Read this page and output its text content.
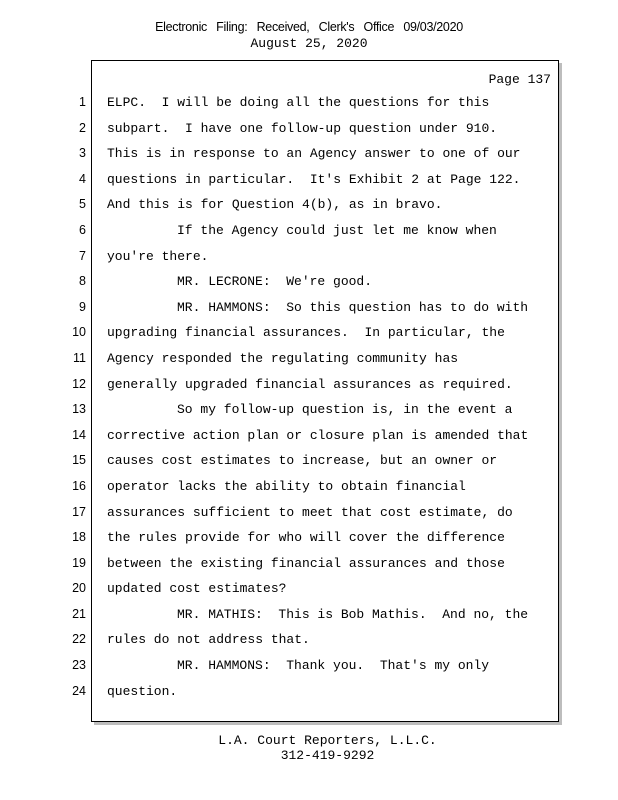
Electronic Filing: Received, Clerk's Office 09/03/2020
August 25, 2020
Page 137
1
2
3
4
5
6
7
8
9
10
11
12
13
14
15
16
17
18
19
20
21
22
23
24
ELPC.  I will be doing all the questions for this
subpart.  I have one follow-up question under 910.
This is in response to an Agency answer to one of our
questions in particular.  It's Exhibit 2 at Page 122.
And this is for Question 4(b), as in bravo.
If the Agency could just let me know when
you're there.
MR. LECRONE:  We're good.
MR. HAMMONS:  So this question has to do with
upgrading financial assurances.  In particular, the
Agency responded the regulating community has
generally upgraded financial assurances as required.
So my follow-up question is, in the event a
corrective action plan or closure plan is amended that
causes cost estimates to increase, but an owner or
operator lacks the ability to obtain financial
assurances sufficient to meet that cost estimate, do
the rules provide for who will cover the difference
between the existing financial assurances and those
updated cost estimates?
MR. MATHIS:  This is Bob Mathis.  And no, the
rules do not address that.
MR. HAMMONS:  Thank you.  That's my only
question.
L.A. Court Reporters, L.L.C.
312-419-9292
